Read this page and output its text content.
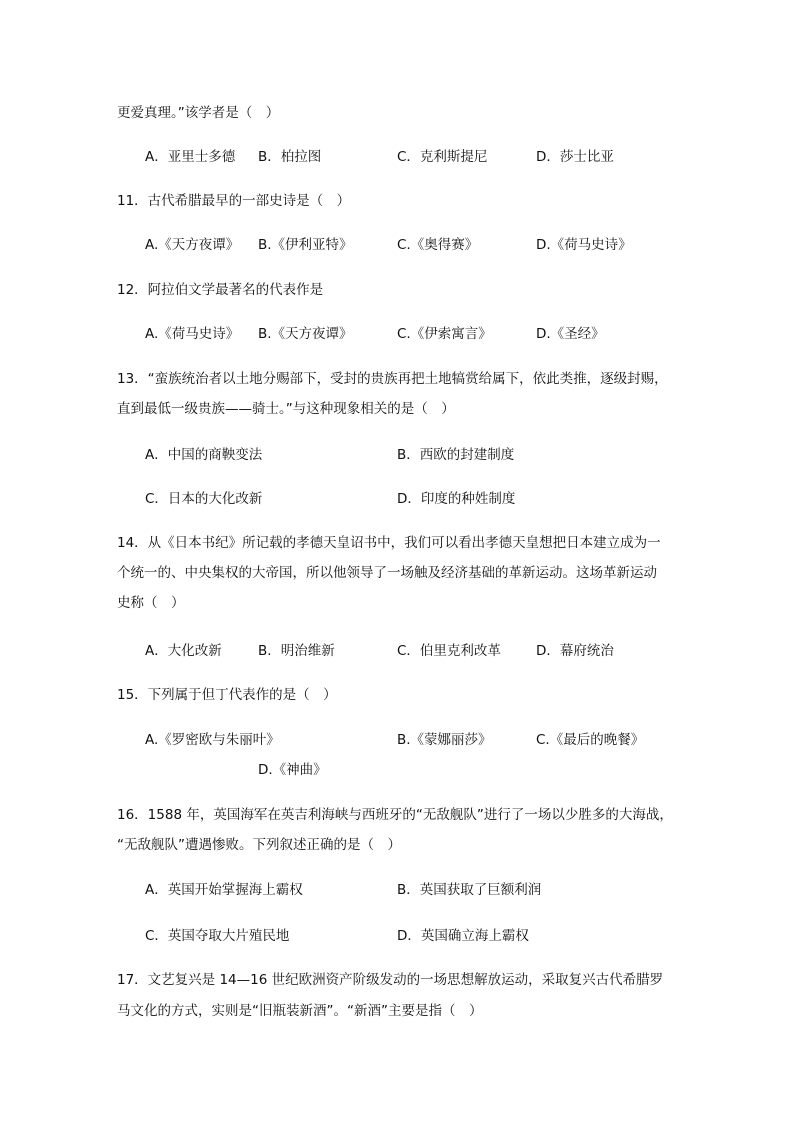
更爱真理。”该学者是（　）
A．亚里士多德 B．柏拉图	C．克利斯提尼	D．莎士比亚
11．古代希腊最早的一部史诗是（　）
A.《天方夜谭》 B.《伊利亚特》	C.《奥得赛》	D.《荷马史诗》
12．阿拉伯文学最著名的代表作是
A.《荷马史诗》 B.《天方夜谭》	C.《伊索寓言》	D.《圣经》
13．“蛮族统治者以土地分赐部下，受封的贵族再把土地犒赏给属下，依此类推，逐级封赐，
直到最低一级贵族——骑士。”与这种现象相关的是（　）
A．中国的商鞅变法	B．西欧的封建制度
C．日本的大化改新	D．印度的种姓制度
14．从《日本书纪》所记载的孝德天皇诏书中，我们可以看出孝德天皇想把日本建立成为一
个统一的、中央集权的大帝国，所以他领导了一场触及经济基础的革新运动。这场革新运动
史称（　）
A．大化改新	B．明治维新	C．伯里克利改革	D．幕府统治
15．下列属于但丁代表作的是（　）
A.《罗密欧与朱丽叶》	B.《蒙娜丽莎》	C.《最后的晚餐》
D.《神曲》
16．1588 年，英国海军在英吉利海峡与西班牙的“无敌舰队”进行了一场以少胜多的大海战，
“无敌舰队”遭遇惨败。下列叙述正确的是（　）
A．英国开始掌握海上霸权	B．英国获取了巨额利润
C．英国夺取大片殖民地	D．英国确立海上霸权
17．文艺复兴是 14—16 世纪欧洲资产阶级发动的一场思想解放运动，采取复兴古代希腊罗
马文化的方式，实则是“旧瓶装新酒”。“新酒”主要是指（　）
